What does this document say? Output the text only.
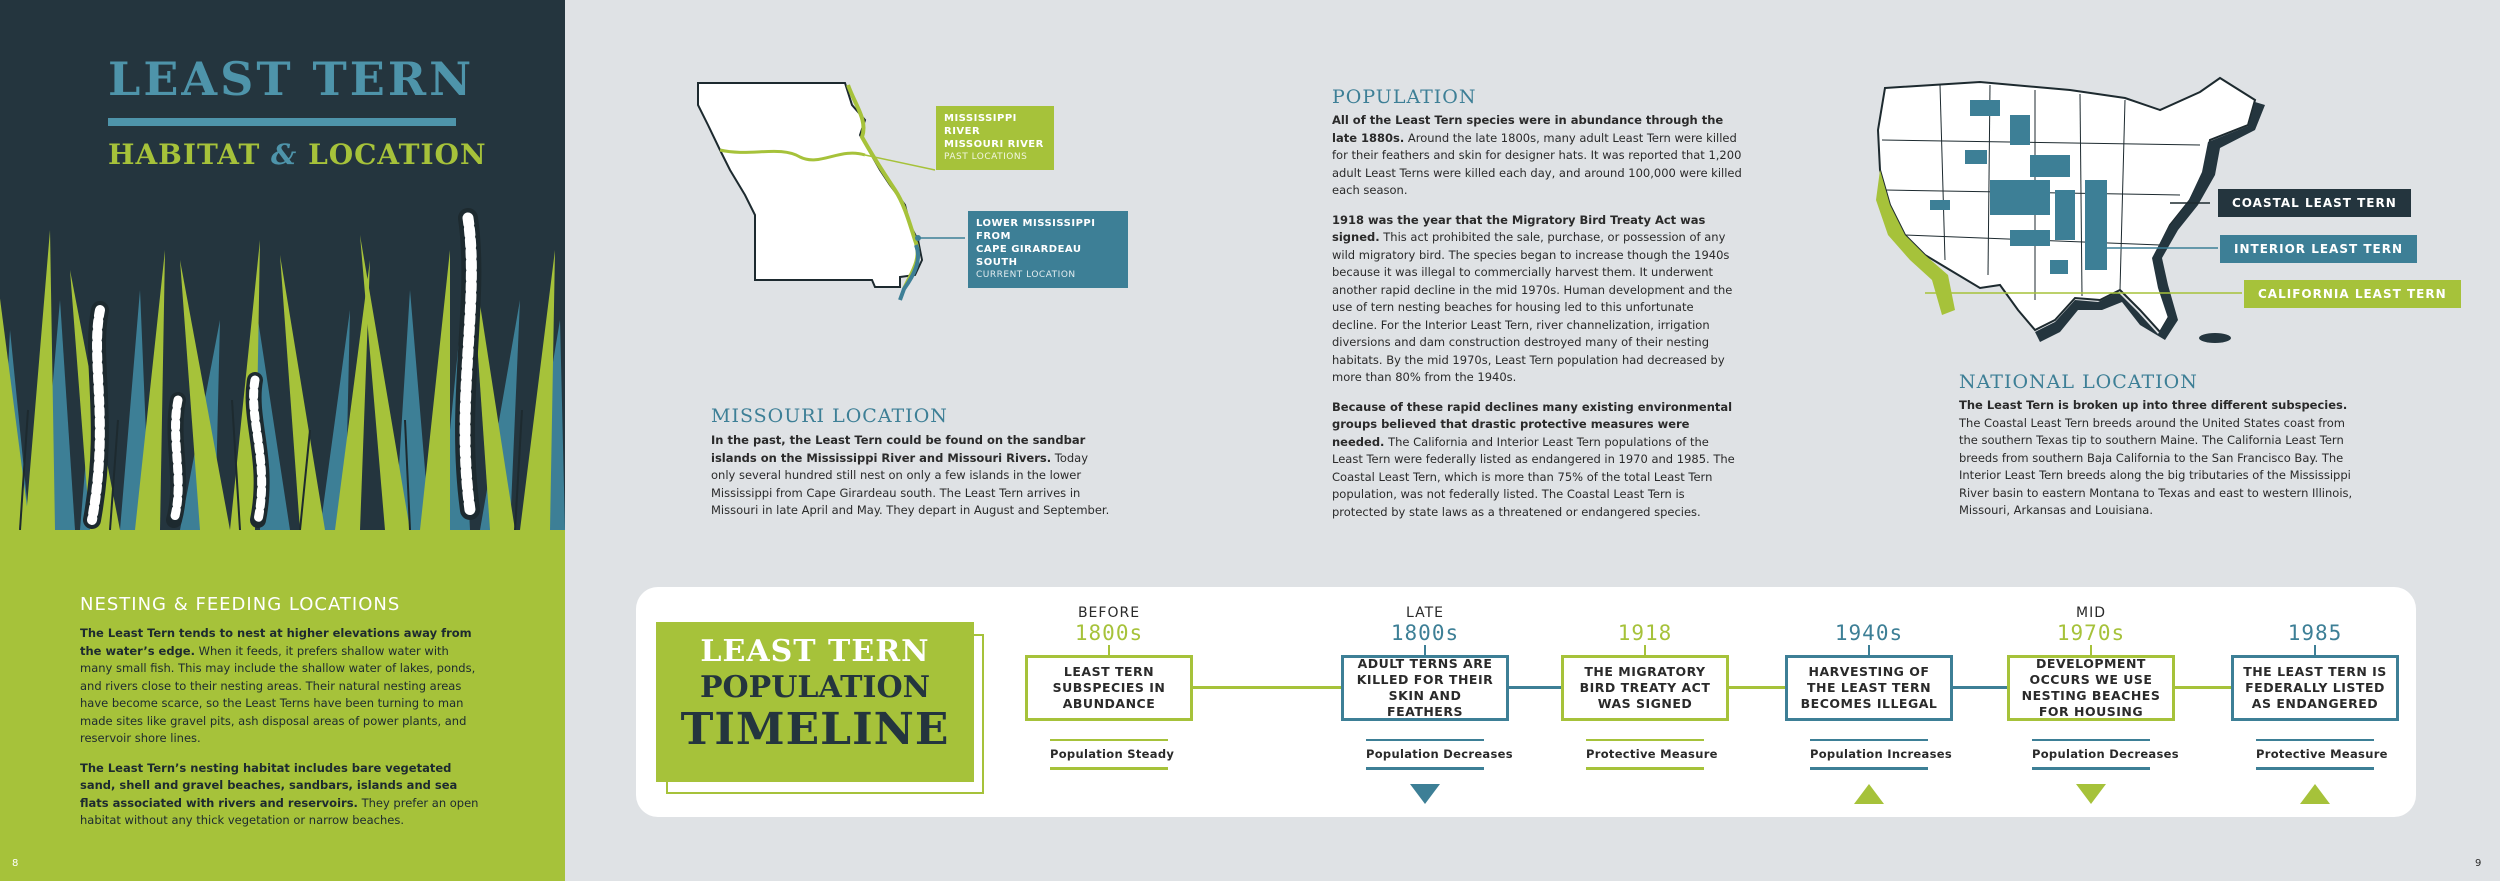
LEAST TERN
HABITAT & LOCATION
NESTING & FEEDING LOCATIONS

The Least Tern tends to nest at higher elevations away from the water’s edge. When it feeds, it prefers shallow water with many small fish. This may include the shallow water of lakes, ponds, and rivers close to their nesting areas. Their natural nesting areas have become scarce, so the Least Terns have been turning to man made sites like gravel pits, ash disposal areas of power plants, and reservoir shore lines.

The Least Tern’s nesting habitat includes bare vegetated sand, shell and gravel beaches, sandbars, islands and sea flats associated with rivers and reservoirs. They prefer an open habitat without any thick vegetation or narrow beaches.

8
MISSISSIPPI RIVER
MISSOURI RIVER
PAST LOCATIONS
LOWER MISSISSIPPI FROM
CAPE GIRARDEAU SOUTH
CURRENT LOCATION
MISSOURI LOCATION

In the past, the Least Tern could be found on the sandbar islands on the Mississippi River and Missouri Rivers. Today only several hundred still nest on only a few islands in the lower Mississippi from Cape Girardeau south. The Least Tern arrives in Missouri in late April and May. They depart in August and September.

POPULATION

All of the Least Tern species were in abundance through the late 1880s. Around the late 1800s, many adult Least Tern were killed for their feathers and skin for designer hats. It was reported that 1,200 adult Least Terns were killed each day, and around 100,000 were killed each season.

1918 was the year that the Migratory Bird Treaty Act was signed. This act prohibited the sale, purchase, or possession of any wild migratory bird. The species began to increase though the 1940s because it was illegal to commercially harvest them. It underwent another rapid decline in the mid 1970s. Human development and the use of tern nesting beaches for housing led to this unfortunate decline. For the Interior Least Tern, river channelization, irrigation diversions and dam construction destroyed many of their nesting habitats. By the mid 1970s, Least Tern population had decreased by more than 80% from the 1940s.

Because of these rapid declines many existing environmental groups believed that drastic protective measures were needed. The California and Interior Least Tern populations of the Least Tern were federally listed as endangered in 1970 and 1985. The Coastal Least Tern, which is more than 75% of the total Least Tern population, was not federally listed. The Coastal Least Tern is protected by state laws as a threatened or endangered species.

COASTAL LEAST TERN
INTERIOR LEAST TERN
CALIFORNIA LEAST TERN
NATIONAL LOCATION

The Least Tern is broken up into three different subspecies. The Coastal Least Tern breeds around the United States coast from the southern Texas tip to southern Maine. The California Least Tern breeds from southern Baja California to the San Francisco Bay. The Interior Least Tern breeds along the big tributaries of the Mississippi River basin to eastern Montana to Texas and east to western Illinois, Missouri, Arkansas and Louisiana.

9
LEAST TERN
POPULATION
TIMELINE
BEFORE
1800s
LEAST TERN SUBSPECIES IN ABUNDANCE
Population Steady
LATE
1800s
ADULT TERNS ARE KILLED FOR THEIR SKIN AND FEATHERS
Population Decreases
1918
THE MIGRATORY BIRD TREATY ACT WAS SIGNED
Protective Measure
1940s
HARVESTING OF THE LEAST TERN BECOMES ILLEGAL
Population Increases
MID
1970s
DEVELOPMENT OCCURS WE USE NESTING BEACHES FOR HOUSING
Population Decreases
1985
THE LEAST TERN IS FEDERALLY LISTED AS ENDANGERED
Protective Measure
